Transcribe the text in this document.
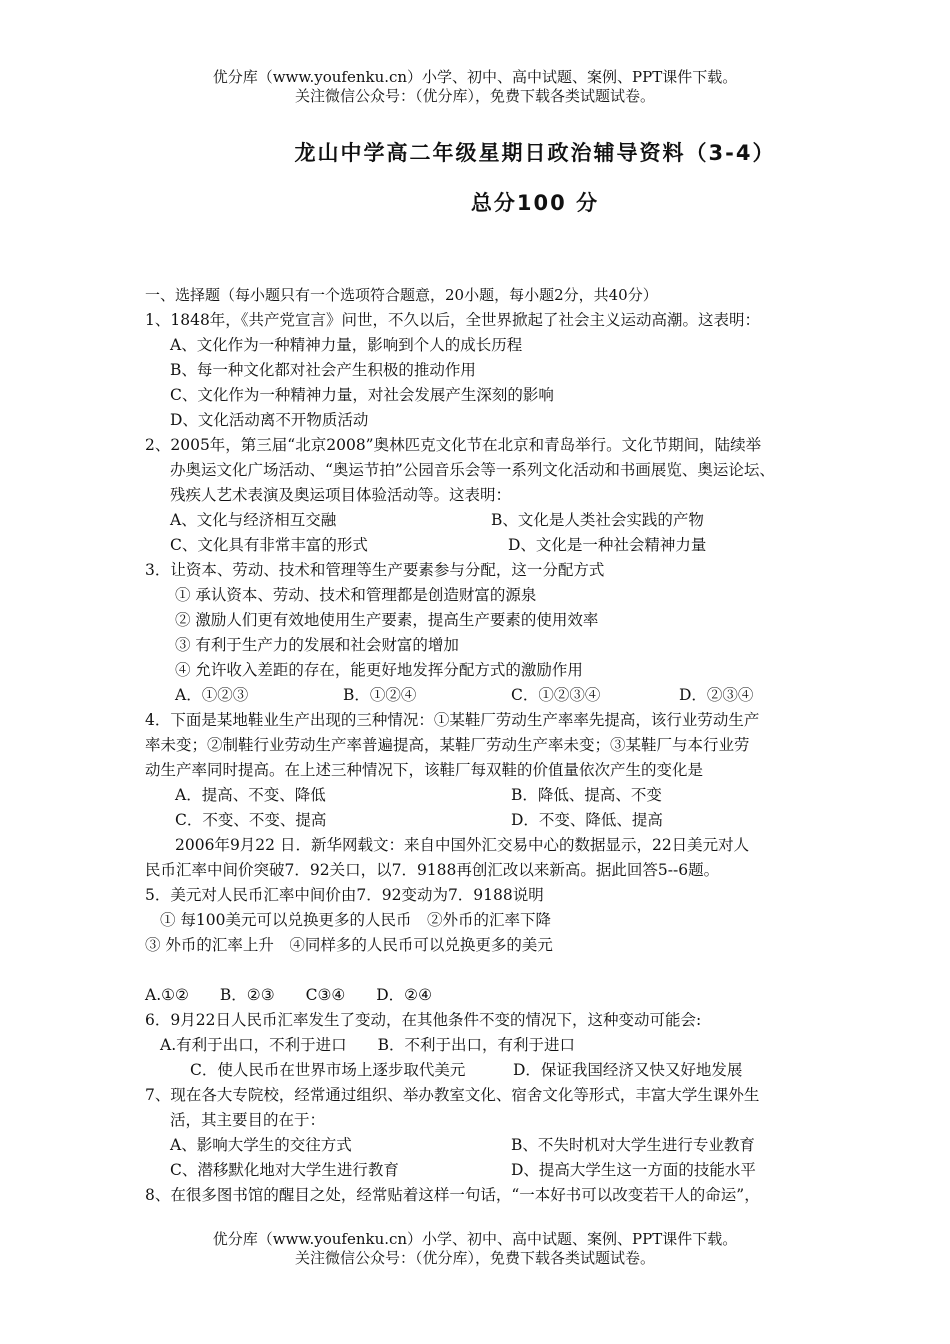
优分库（www.youfenku.cn）小学、初中、高中试题、案例、PPT课件下载。
关注微信公众号：（优分库），免费下载各类试题试卷。
龙山中学高二年级星期日政治辅导资料（3-4）
总分100 分
一、选择题（每小题只有一个选项符合题意，20小题，每小题2分，共40分）
1、1848年，《共产党宣言》问世，不久以后，全世界掀起了社会主义运动高潮。这表明：
A、文化作为一种精神力量，影响到个人的成长历程
B、每一种文化都对社会产生积极的推动作用
C、文化作为一种精神力量，对社会发展产生深刻的影响
D、文化活动离不开物质活动
2、2005年，第三届“北京2008”奥林匹克文化节在北京和青岛举行。文化节期间，陆续举
办奥运文化广场活动、“奥运节拍”公园音乐会等一系列文化活动和书画展览、奥运论坛、
残疾人艺术表演及奥运项目体验活动等。这表明：
A、文化与经济相互交融	B、文化是人类社会实践的产物
C、文化具有非常丰富的形式	D、文化是一种社会精神力量
3．让资本、劳动、技术和管理等生产要素参与分配，这一分配方式
① 承认资本、劳动、技术和管理都是创造财富的源泉
② 激励人们更有效地使用生产要素，提高生产要素的使用效率
③ 有利于生产力的发展和社会财富的增加
④ 允许收入差距的存在，能更好地发挥分配方式的激励作用
A．①②③	B．①②④	C．①②③④	D．②③④
4．下面是某地鞋业生产出现的三种情况：①某鞋厂劳动生产率率先提高，该行业劳动生产
率未变；②制鞋行业劳动生产率普遍提高，某鞋厂劳动生产率未变；③某鞋厂与本行业劳
动生产率同时提高。在上述三种情况下，该鞋厂每双鞋的价值量依次产生的变化是
A．提高、不变、降低	B．降低、提高、不变
C．不变、不变、提高	D．不变、降低、提高
2006年9月22 日．新华网载文：来自中国外汇交易中心的数据显示，22日美元对人
民币汇率中间价突破7．92关口，以7．9188再创汇改以来新高。据此回答5--6题。
5．美元对人民币汇率中间价由7．92变动为7．9188说明
① 每100美元可以兑换更多的人民币　②外币的汇率下降
③ 外币的汇率上升　④同样多的人民币可以兑换更多的美元
A.①②　　B．②③　　C③④　　D．②④
6．9月22日人民币汇率发生了变动，在其他条件不变的情况下，这种变动可能会:
A.有利于出口，不利于进口　　B．不利于出口，有利于进口
C．使人民币在世界市场上逐步取代美元	D．保证我国经济又快又好地发展
7、现在各大专院校，经常通过组织、举办教室文化、宿舍文化等形式，丰富大学生课外生
活，其主要目的在于：
A、影响大学生的交往方式	B、不失时机对大学生进行专业教育
C、潜移默化地对大学生进行教育	D、提高大学生这一方面的技能水平
8、在很多图书馆的醒目之处，经常贴着这样一句话，“一本好书可以改变若干人的命运”，
优分库（www.youfenku.cn）小学、初中、高中试题、案例、PPT课件下载。
关注微信公众号：（优分库），免费下载各类试题试卷。
